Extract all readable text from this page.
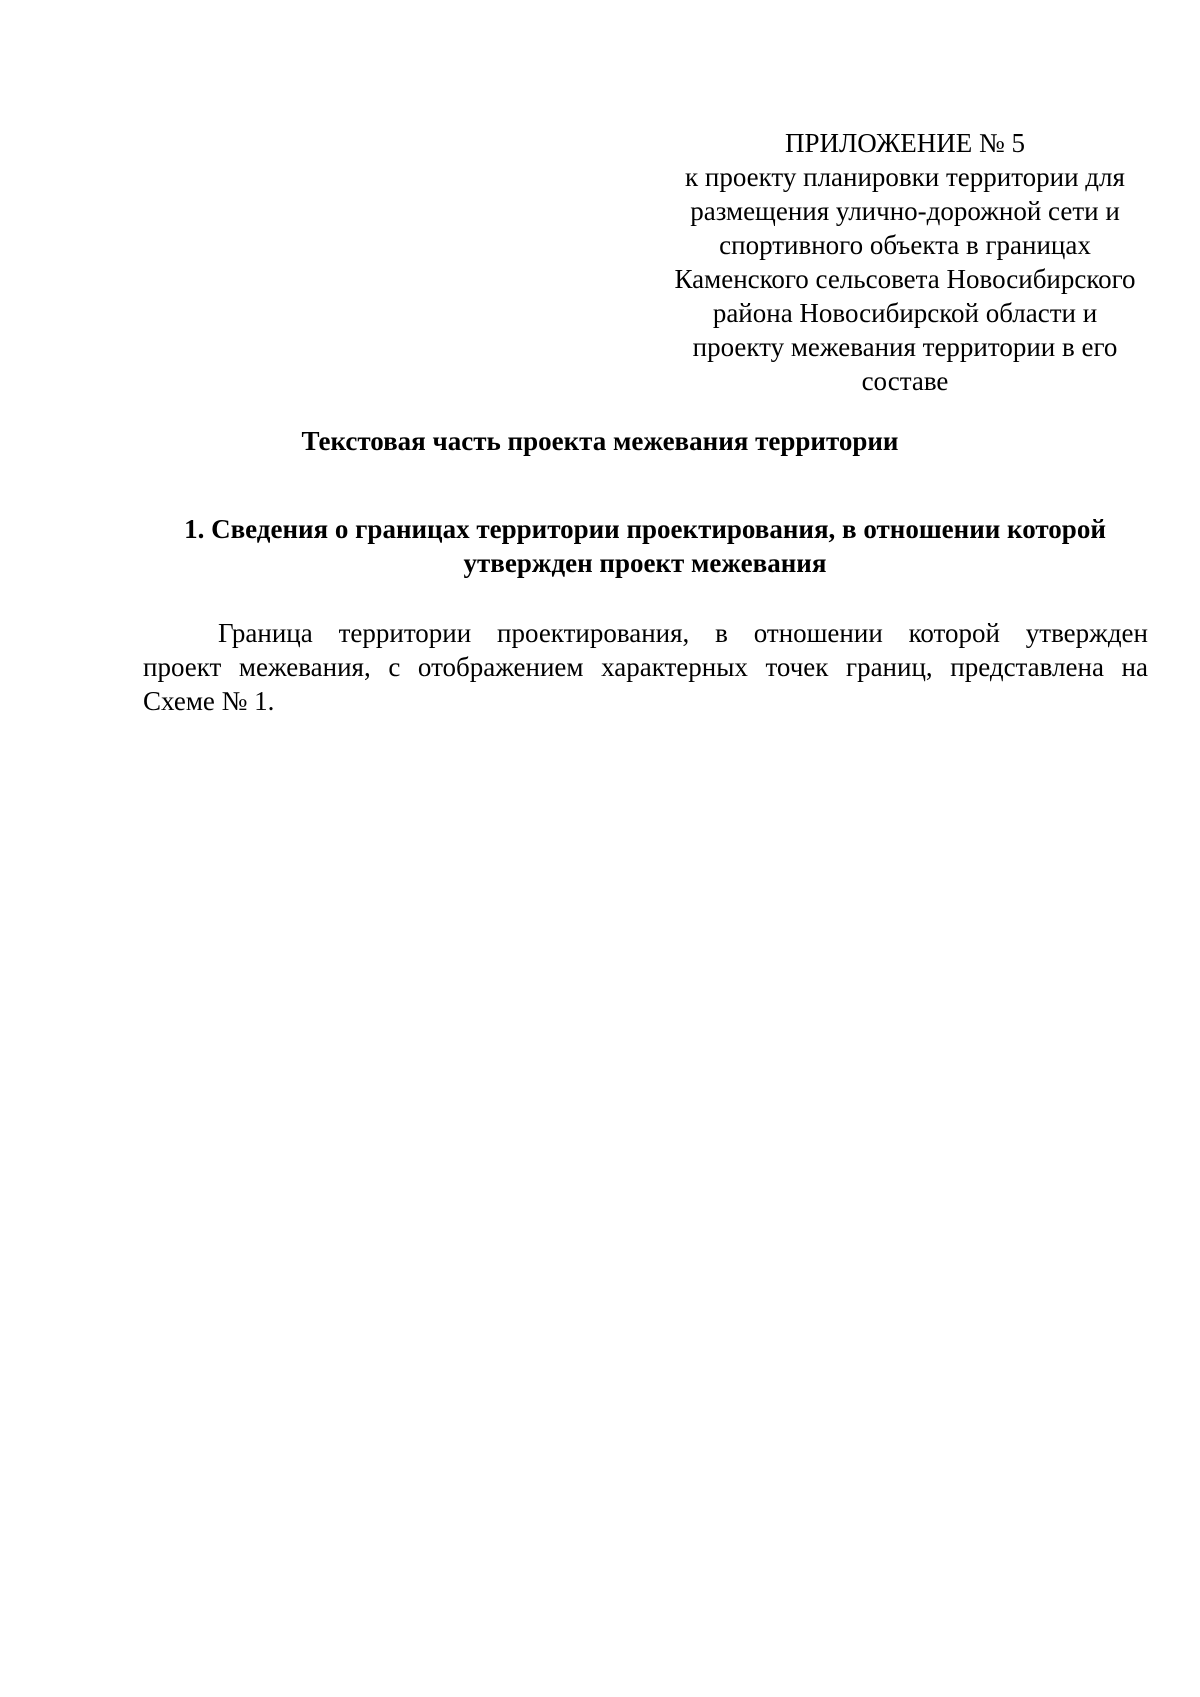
ПРИЛОЖЕНИЕ № 5
к проекту планировки территории для
размещения улично-дорожной сети и
спортивного объекта в границах
Каменского сельсовета Новосибирского
района Новосибирской области и
проекту межевания территории в его
составе
Текстовая часть проекта межевания территории
1. Сведения о границах территории проектирования, в отношении которой
утвержден проект межевания
Граница территории проектирования, в отношении которой утвержден
проект межевания, с отображением характерных точек границ, представлена на
Схеме № 1.
